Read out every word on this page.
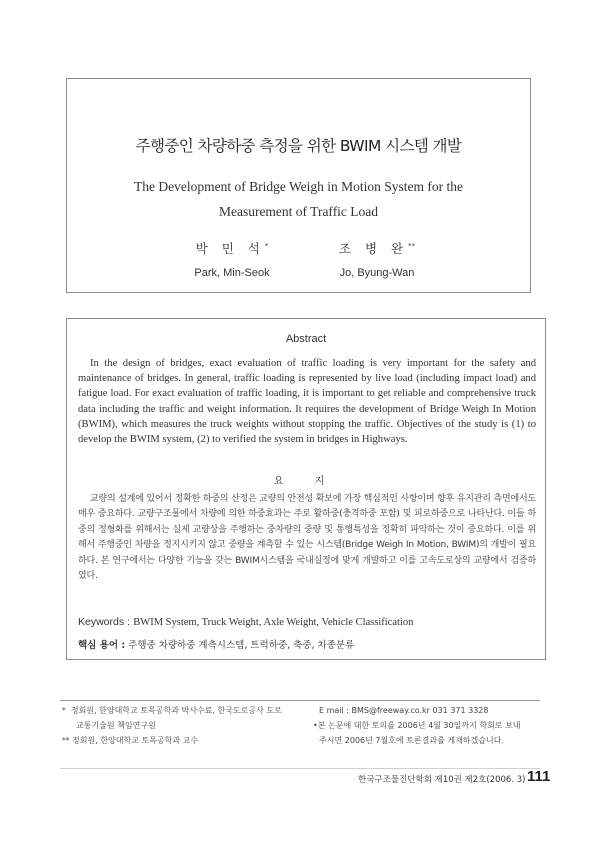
주행중인 차량하중 측정을 위한 BWIM 시스템 개발
The Development of Bridge Weigh in Motion System for the
Measurement of Traffic Load
박 민 석*
Park, Min-Seok
조 병 완**
Jo, Byung-Wan
Abstract

In the design of bridges, exact evaluation of traffic loading is very important for the safety and maintenance of bridges. In general, traffic loading is represented by live load (including impact load) and fatigue load. For exact evaluation of traffic loading, it is important to get reliable and comprehensive truck data including the traffic and weight information. It requires the development of Bridge Weigh In Motion (BWIM), which measures the truck weights without stopping the traffic. Objectives of the study is (1) to develop the BWIM system, (2) to verified the system in bridges in Highways.

요 지

교량의 설계에 있어서 정확한 하중의 산정은 교량의 안전성 확보에 가장 핵심적인 사항이며 향후 유지관리 측면에서도 매우 중요하다. 교량구조물에서 차량에 의한 하중효과는 주로 활하중(충격하중 포함) 및 피로하중으로 나타난다. 이들 하중의 정형화를 위해서는 실제 교량상을 주행하는 중차량의 중량 및 통행특성을 정확히 파악하는 것이 중요하다. 이를 위해서 주행중인 차량을 정지시키지 않고 중량을 계측할 수 있는 시스템(Bridge Weigh In Motion, BWIM)의 개발이 필요하다. 본 연구에서는 다양한 기능을 갖는 BWIM시스템을 국내실정에 맞게 개발하고 이를 고속도로상의 교량에서 검증하였다.

Keywords : BWIM System, Truck Weight, Axle Weight, Vehicle Classification
핵심 용어 : 주행중 차량하중 계측시스템, 트럭하중, 축중, 차종분류
* 정회원, 한양대학교 토목공학과 박사수료, 한국도로공사 도로
교통기술원 책임연구원
** 정회원, 한양대학교 토목공학과 교수
E mail : BMS@freeway.co.kr 031 371 3328
•본 논문에 대한 토의를 2006년 4월 30일까지 학회로 보내
주시면 2006년 7월호에 토론결과를 게재하겠습니다.
한국구조물진단학회 제10권 제2호(2006. 3) 111
